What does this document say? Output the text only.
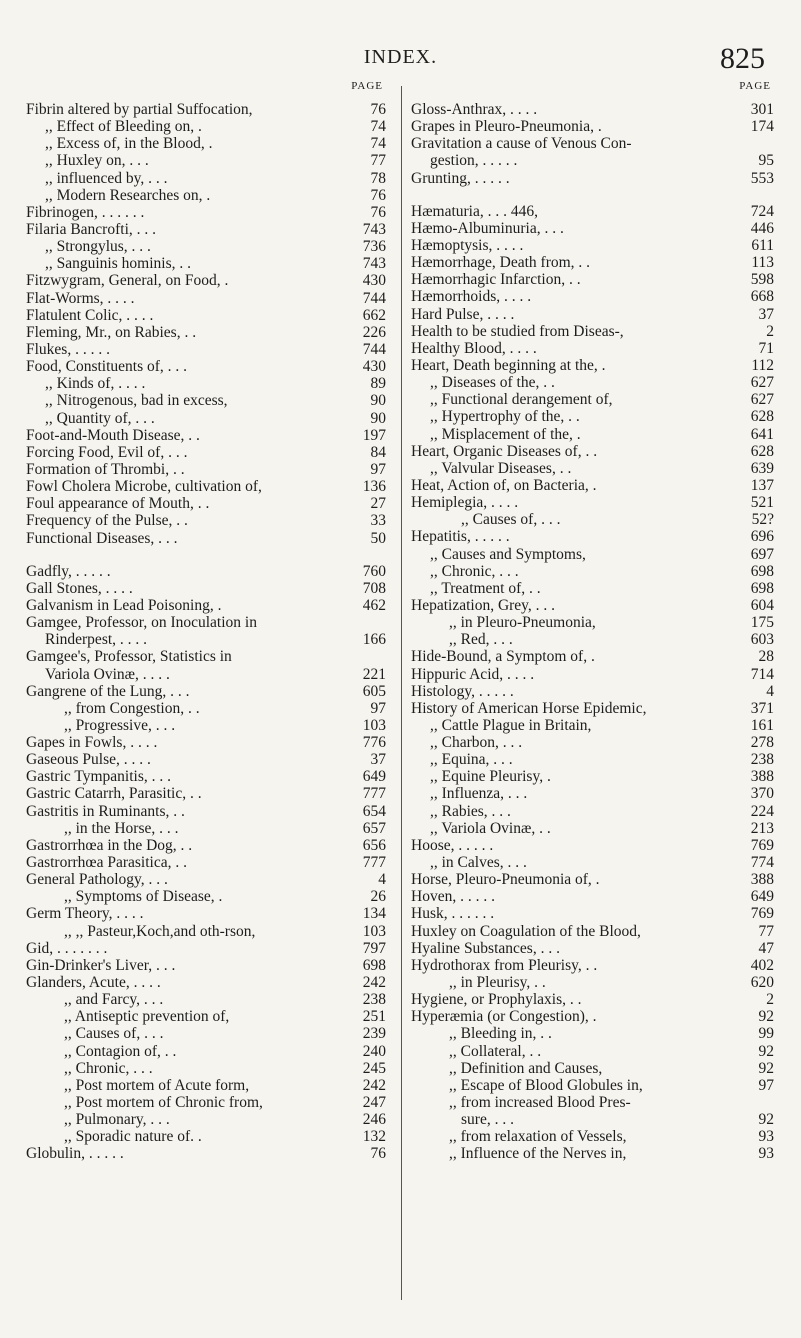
INDEX.	825
PAGE
Fibrin altered by partial Suffocation,	76
,, Effect of Bleeding on, .	74
,, Excess of, in the Blood, .	74
,, Huxley on, . . .	77
,, influenced by, . . .	78
,, Modern Researches on, .	76
Fibrinogen, . . . . . .	76
Filaria Bancrofti, . . .	743
,, Strongylus, . . .	736
,, Sanguinis hominis, . .	743
Fitzwygram, General, on Food, .	430
Flat-Worms, . . . .	744
Flatulent Colic, . . . .	662
Fleming, Mr., on Rabies, . .	226
Flukes, . . . . .	744
Food, Constituents of, . . .	430
,, Kinds of, . . . .	89
,, Nitrogenous, bad in excess,	90
,, Quantity of, . . .	90
Foot-and-Mouth Disease, . .	197
Forcing Food, Evil of, . . .	84
Formation of Thrombi, . .	97
Fowl Cholera Microbe, cultivation of,	136
Foul appearance of Mouth, . .	27
Frequency of the Pulse, . .	33
Functional Diseases, . . .	50
Gadfly, . . . . .	760
Gall Stones, . . . .	708
Galvanism in Lead Poisoning, .	462
Gamgee, Professor, on Inoculation in
Rinderpest, . . . .	166
Gamgee's, Professor, Statistics in
Variola Ovinæ, . . . .	221
Gangrene of the Lung, . . .	605
,, from Congestion, . .	97
,, Progressive, . . .	103
Gapes in Fowls, . . . .	776
Gaseous Pulse, . . . .	37
Gastric Tympanitis, . . .	649
Gastric Catarrh, Parasitic, . .	777
Gastritis in Ruminants, . .	654
,, in the Horse, . . .	657
Gastrorrhœa in the Dog, . .	656
Gastrorrhœa Parasitica, . .	777
General Pathology, . . .	4
,, Symptoms of Disease, .	26
Germ Theory, . . . .	134
,, ,, Pasteur,Koch,and oth-rson,	103
Gid, . . . . . . .	797
Gin-Drinker's Liver, . . .	698
Glanders, Acute, . . . .	242
,, and Farcy, . . .	238
,, Antiseptic prevention of,	251
,, Causes of, . . .	239
,, Contagion of, . .	240
,, Chronic, . . .	245
,, Post mortem of Acute form,	242
,, Post mortem of Chronic from,	247
,, Pulmonary, . . .	246
,, Sporadic nature of. .	132
Globulin, . . . . .	76
PAGE
Gloss-Anthrax, . . . .	301
Grapes in Pleuro-Pneumonia, .	174
Gravitation a cause of Venous Con-
gestion, . . . . .	95
Grunting, . . . . .	553
Hæmaturia, . . . 446,	724
Hæmo-Albuminuria, . . .	446
Hæmoptysis, . . . .	611
Hæmorrhage, Death from, . .	113
Hæmorrhagic Infarction, . .	598
Hæmorrhoids, . . . .	668
Hard Pulse, . . . .	37
Health to be studied from Diseas-,	2
Healthy Blood, . . . .	71
Heart, Death beginning at the, .	112
,, Diseases of the, . .	627
,, Functional derangement of,	627
,, Hypertrophy of the, . .	628
,, Misplacement of the, .	641
Heart, Organic Diseases of, . .	628
,, Valvular Diseases, . .	639
Heat, Action of, on Bacteria, .	137
Hemiplegia, . . . .	521
,, Causes of, . . .	52?
Hepatitis, . . . . .	696
,, Causes and Symptoms,	697
,, Chronic, . . .	698
,, Treatment of, . .	698
Hepatization, Grey, . . .	604
,, in Pleuro-Pneumonia,	175
,, Red, . . .	603
Hide-Bound, a Symptom of, .	28
Hippuric Acid, . . . .	714
Histology, . . . . .	4
History of American Horse Epidemic,	371
,, Cattle Plague in Britain,	161
,, Charbon, . . .	278
,, Equina, . . .	238
,, Equine Pleurisy, .	388
,, Influenza, . . .	370
,, Rabies, . . .	224
,, Variola Ovinæ, . .	213
Hoose, . . . . .	769
,, in Calves, . . .	774
Horse, Pleuro-Pneumonia of, .	388
Hoven, . . . . .	649
Husk, . . . . . .	769
Huxley on Coagulation of the Blood,	77
Hyaline Substances, . . .	47
Hydrothorax from Pleurisy, . .	402
,, in Pleurisy, . .	620
Hygiene, or Prophylaxis, . .	2
Hyperæmia (or Congestion), .	92
,, Bleeding in, . .	99
,, Collateral, . .	92
,, Definition and Causes,	92
,, Escape of Blood Globules in,	97
,, from increased Blood Pres-
sure, . . .	92
,, from relaxation of Vessels,	93
,, Influence of the Nerves in,	93
